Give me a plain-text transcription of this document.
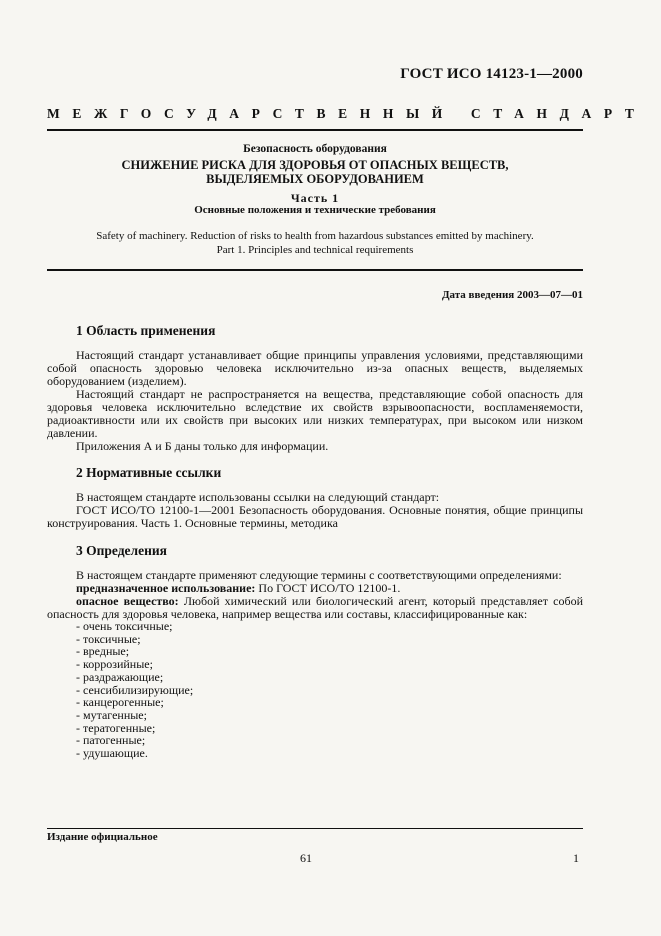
ГОСТ ИСО 14123-1—2000
МЕЖГОСУДАРСТВЕННЫЙ СТАНДАРТ
Безопасность оборудования
СНИЖЕНИЕ РИСКА ДЛЯ ЗДОРОВЬЯ ОТ ОПАСНЫХ ВЕЩЕСТВ,
ВЫДЕЛЯЕМЫХ ОБОРУДОВАНИЕМ
Часть 1
Основные положения и технические требования
Safety of machinery. Reduction of risks to health from hazardous substances emitted by machinery.
Part 1. Principles and technical requirements
Дата введения 2003—07—01
1 Область применения

Настоящий стандарт устанавливает общие принципы управления условиями, представляющими собой опасность здоровью человека исключительно из-за опасных веществ, выделяемых оборудованием (изделием).

Настоящий стандарт не распространяется на вещества, представляющие собой опасность для здоровья человека исключительно вследствие их свойств взрывоопасности, воспламеняемости, радиоактивности или их свойств при высоких или низких температурах, при высоком или низком давлении.

Приложения А и Б даны только для информации.

2 Нормативные ссылки

В настоящем стандарте использованы ссылки на следующий стандарт:

ГОСТ ИСО/ТО 12100-1—2001 Безопасность оборудования. Основные понятия, общие принципы конструирования. Часть 1. Основные термины, методика

3 Определения

В настоящем стандарте применяют следующие термины с соответствующими определениями:

предназначенное использование: По ГОСТ ИСО/ТО 12100-1.

опасное вещество: Любой химический или биологический агент, который представляет собой опасность для здоровья человека, например вещества или составы, классифицированные как:

- очень токсичные;
- токсичные;
- вредные;
- коррозийные;
- раздражающие;
- сенсибилизирующие;
- канцерогенные;
- мутагенные;
- тератогенные;
- патогенные;
- удушающие.
Издание официальное
61	1
